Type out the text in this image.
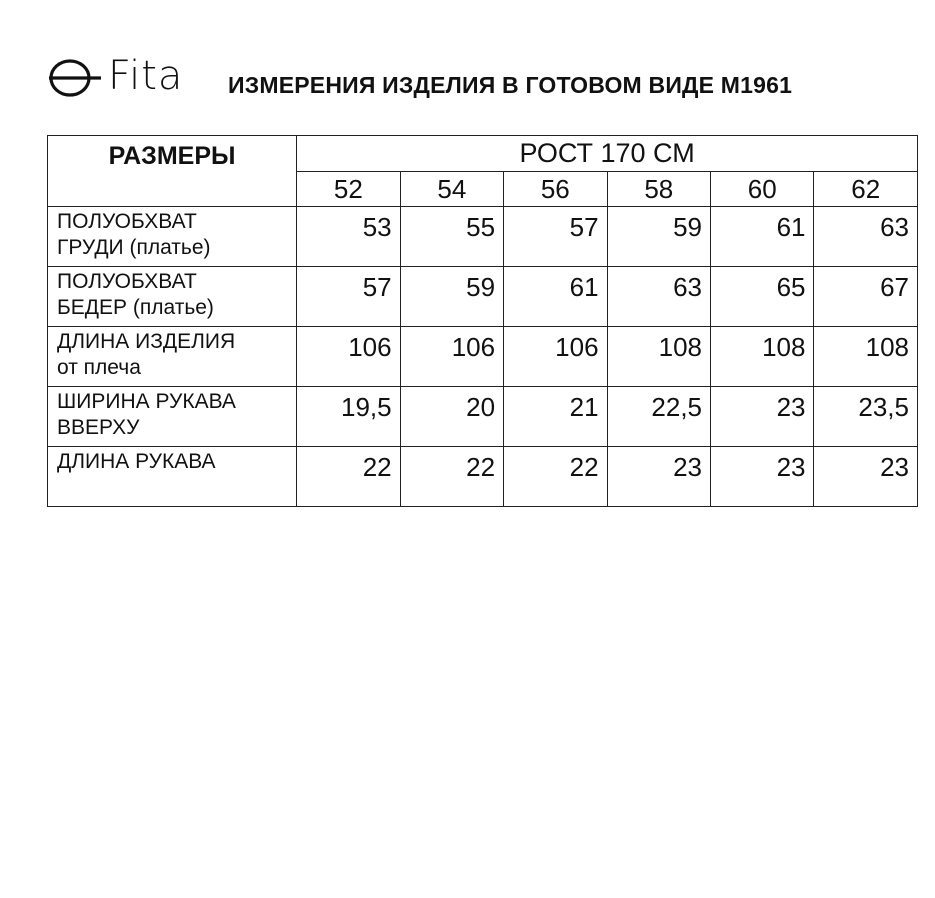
Fita ИЗМЕРЕНИЯ ИЗДЕЛИЯ В ГОТОВОМ ВИДЕ М1961
РАЗМЕРЫ	РОСТ 170 СМ					
	52	54	56	58	60	62
ПОЛУОБХВАТ
ГРУДИ (платье)	53	55	57	59	61	63
ПОЛУОБХВАТ
БЕДЕР (платье)	57	59	61	63	65	67
ДЛИНА ИЗДЕЛИЯ
от плеча	106	106	106	108	108	108
ШИРИНА РУКАВА
ВВЕРХУ	19,5	20	21	22,5	23	23,5
ДЛИНА РУКАВА	22	22	22	23	23	23
